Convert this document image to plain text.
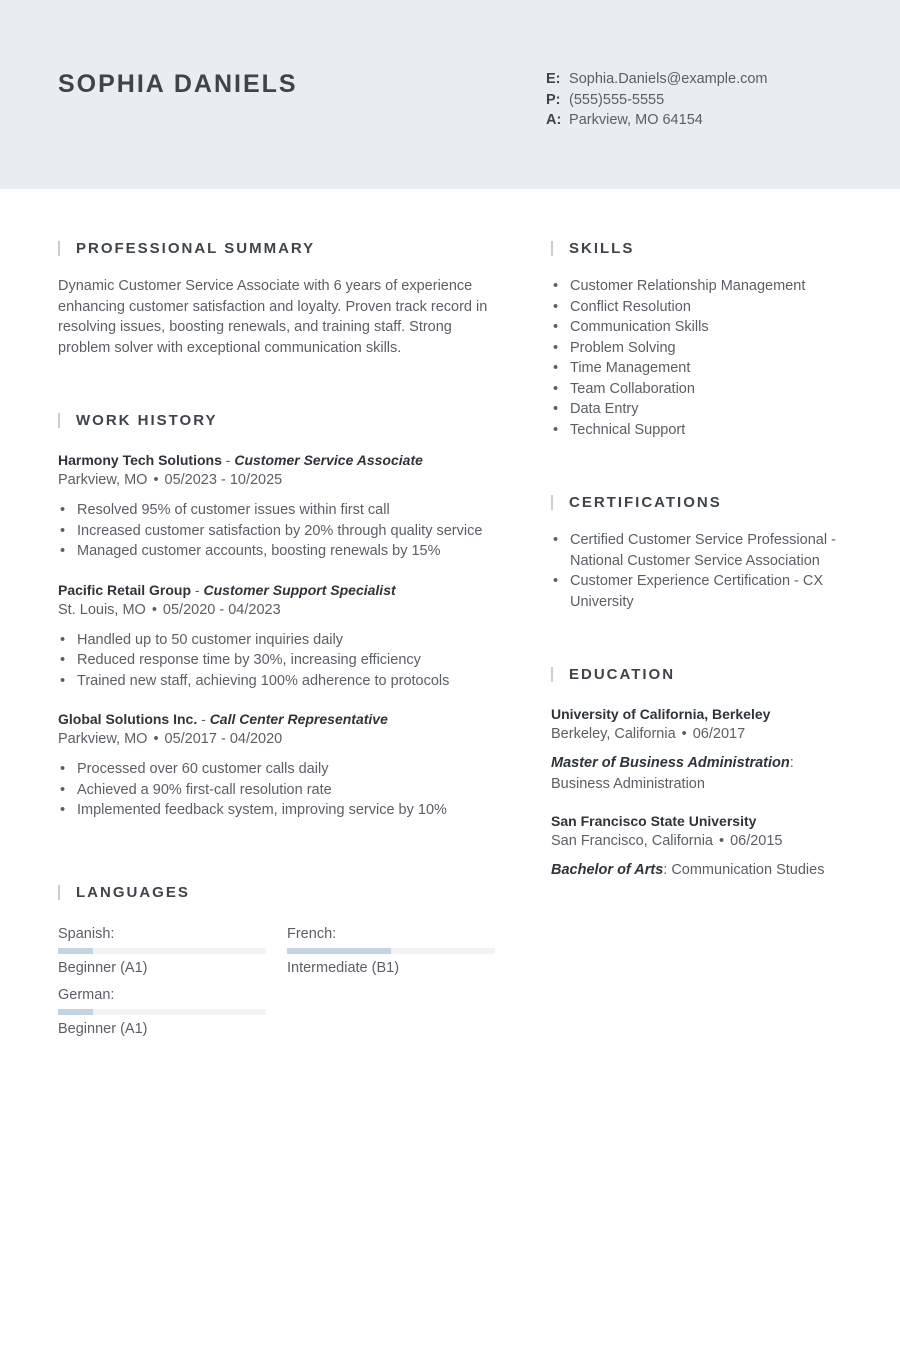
SOPHIA DANIELS	E: Sophia.Daniels@example.com
P: (555)555-5555
A: Parkview, MO 64154
PROFESSIONAL SUMMARY
Dynamic Customer Service Associate with 6 years of experience enhancing customer satisfaction and loyalty. Proven track record in resolving issues, boosting renewals, and training staff. Strong problem solver with exceptional communication skills.
WORK HISTORY
Harmony Tech Solutions - Customer Service Associate
Parkview, MO • 05/2023 - 10/2025
• Resolved 95% of customer issues within first call
• Increased customer satisfaction by 20% through quality service
• Managed customer accounts, boosting renewals by 15%
Pacific Retail Group - Customer Support Specialist
St. Louis, MO • 05/2020 - 04/2023
• Handled up to 50 customer inquiries daily
• Reduced response time by 30%, increasing efficiency
• Trained new staff, achieving 100% adherence to protocols
Global Solutions Inc. - Call Center Representative
Parkview, MO • 05/2017 - 04/2020
• Processed over 60 customer calls daily
• Achieved a 90% first-call resolution rate
• Implemented feedback system, improving service by 10%
LANGUAGES
Spanish:
Beginner (A1)
French:
Intermediate (B1)
German:
Beginner (A1)
SKILLS
• Customer Relationship Management
• Conflict Resolution
• Communication Skills
• Problem Solving
• Time Management
• Team Collaboration
• Data Entry
• Technical Support
CERTIFICATIONS
• Certified Customer Service Professional - National Customer Service Association
• Customer Experience Certification - CX University
EDUCATION
University of California, Berkeley
Berkeley, California • 06/2017
Master of Business Administration: Business Administration
San Francisco State University
San Francisco, California • 06/2015
Bachelor of Arts: Communication Studies
